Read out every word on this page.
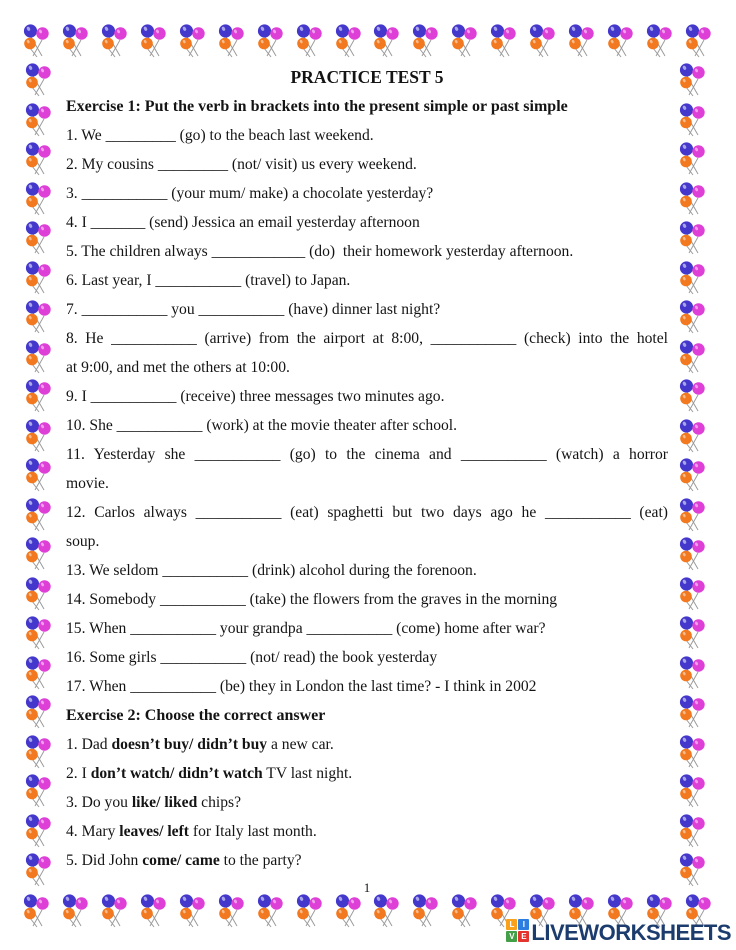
PRACTICE TEST 5
Exercise 1: Put the verb in brackets into the present simple or past simple
1. We _________ (go) to the beach last weekend.
2. My cousins _________ (not/ visit) us every weekend.
3. ___________ (your mum/ make) a chocolate yesterday?
4. I _______ (send) Jessica an email yesterday afternoon
5. The children always ____________ (do)  their homework yesterday afternoon.
6. Last year, I ___________ (travel) to Japan.
7. ___________ you ___________ (have) dinner last night?
8. He ___________ (arrive) from the airport at 8:00, ___________ (check) into the hotel
at 9:00, and met the others at 10:00.
9. I ___________ (receive) three messages two minutes ago.
10. She ___________ (work) at the movie theater after school.
11. Yesterday she ___________ (go) to the cinema and ___________ (watch) a horror
movie.
12. Carlos always ___________ (eat) spaghetti but two days ago he ___________ (eat)
soup.
13. We seldom ___________ (drink) alcohol during the forenoon.
14. Somebody ___________ (take) the flowers from the graves in the morning
15. When ___________ your grandpa ___________ (come) home after war?
16. Some girls ___________ (not/ read) the book yesterday
17. When ___________ (be) they in London the last time? - I think in 2002
Exercise 2: Choose the correct answer
1. Dad doesn’t buy/ didn’t buy a new car.
2. I don’t watch/ didn’t watch TV last night.
3. Do you like/ liked chips?
4. Mary leaves/ left for Italy last month.
5. Did John come/ came to the party?
1
L	I
V E LIVEWORKSHEETS
